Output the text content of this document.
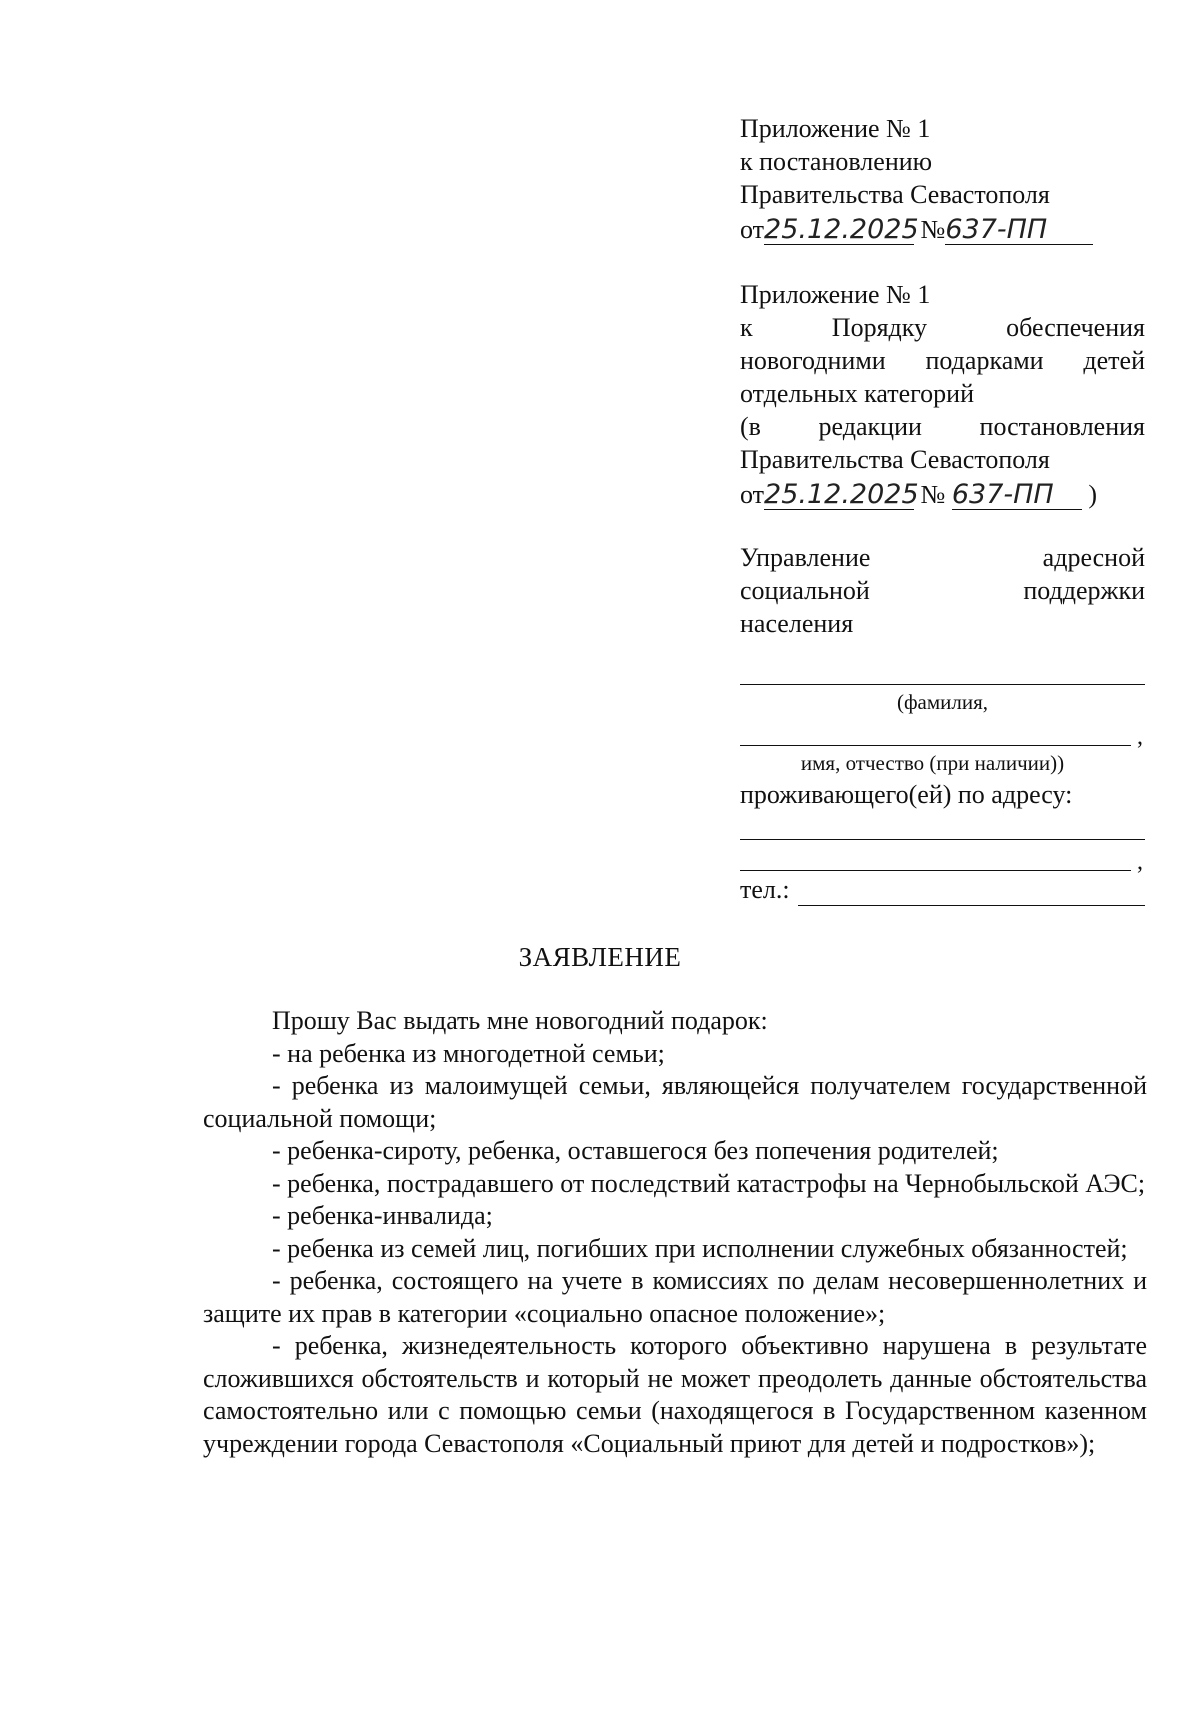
Приложение № 1
к постановлению
Правительства Севастополя
от25.12.2025 №637-ПП
Приложение № 1
к Порядку обеспечения
новогодними подарками детей
отдельных категорий
(в редакции постановления
Правительства Севастополя
от25.12.2025 № 637-ПП )
Управление адресной
социальной поддержки
населения
(фамилия,
,
имя, отчество (при наличии))
проживающего(ей) по адресу:
,
тел.:
ЗАЯВЛЕНИЕ
Прошу Вас выдать мне новогодний подарок:
- на ребенка из многодетной семьи;
- ребенка из малоимущей семьи, являющейся получателем государственной социальной помощи;
- ребенка-сироту, ребенка, оставшегося без попечения родителей;
- ребенка, пострадавшего от последствий катастрофы на Чернобыльской АЭС;
- ребенка-инвалида;
- ребенка из семей лиц, погибших при исполнении служебных обязанностей;
- ребенка, состоящего на учете в комиссиях по делам несовершеннолетних и защите их прав в категории «социально опасное положение»;
- ребенка, жизнедеятельность которого объективно нарушена в результате сложившихся обстоятельств и который не может преодолеть данные обстоятельства самостоятельно или с помощью семьи (находящегося в Государственном казенном учреждении города Севастополя «Социальный приют для детей и подростков»);
